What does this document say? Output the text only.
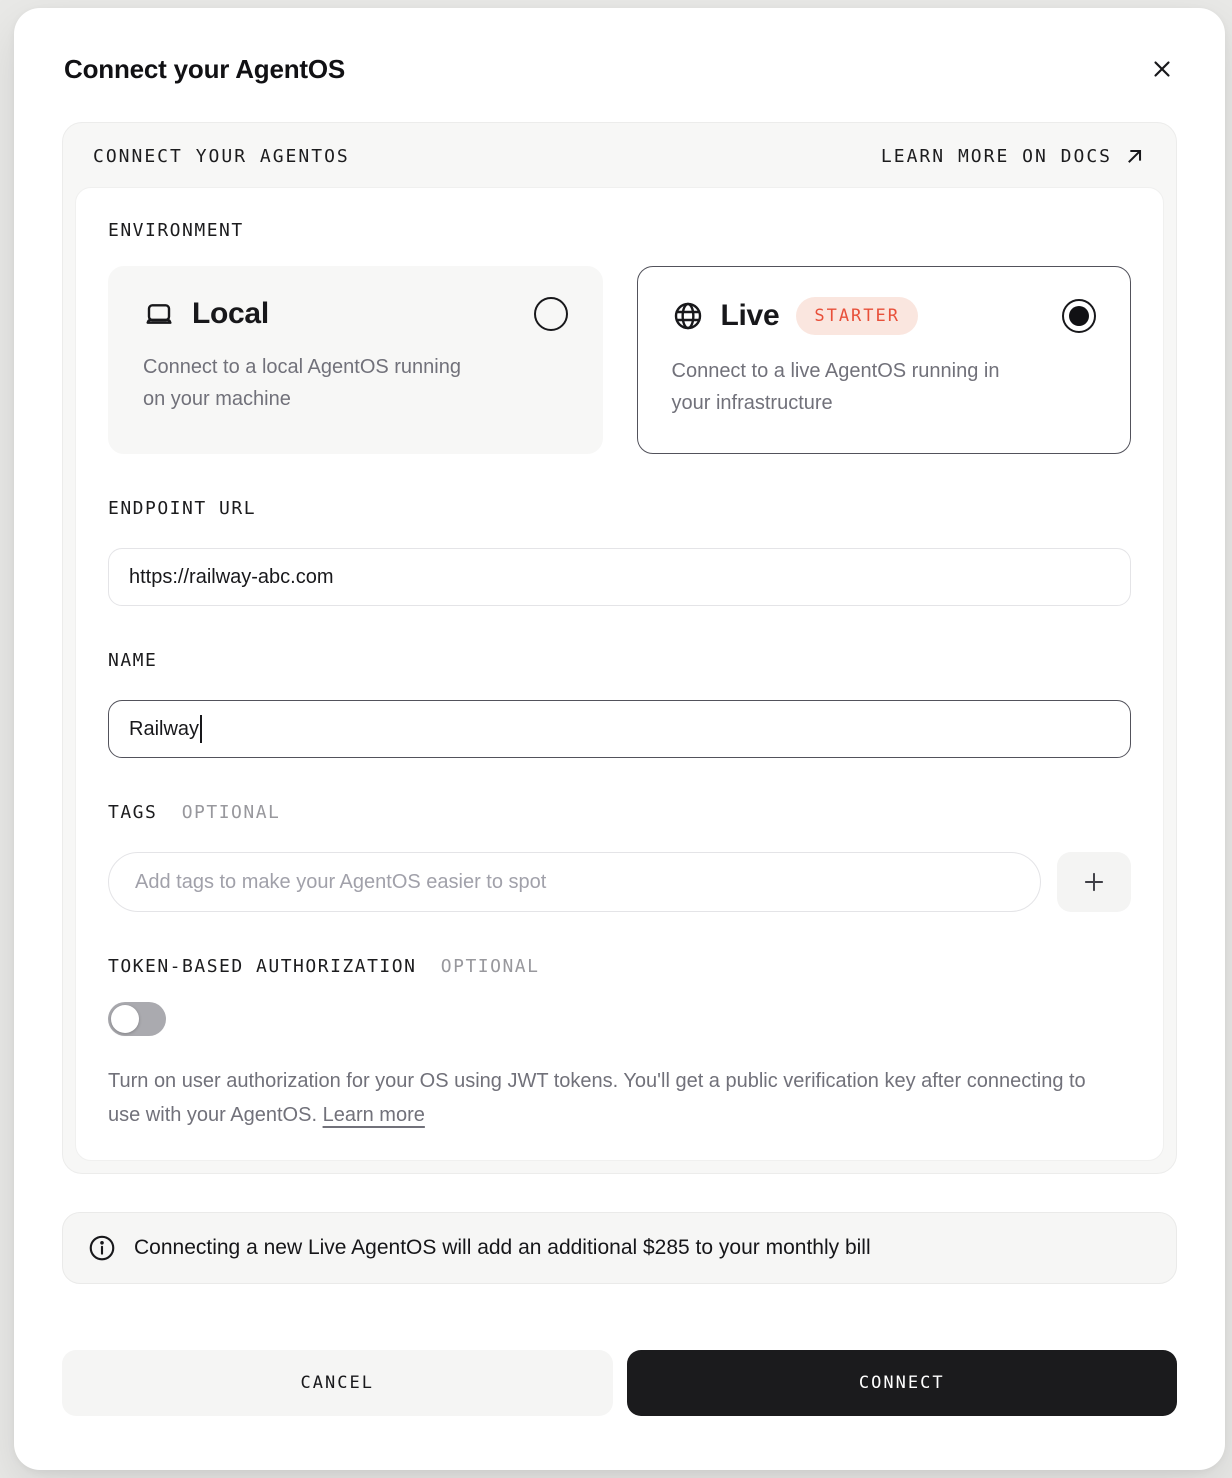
Connect your AgentOS
CONNECT YOUR AGENTOS	LEARN MORE ON DOCS
ENVIRONMENT
Local

Connect to a local AgentOS running on your machine

Live	STARTER

Connect to a live AgentOS running in your infrastructure

ENDPOINT URL
https://railway-abc.com
NAME
Railway
TAGS OPTIONAL
Add tags to make your AgentOS easier to spot
TOKEN-BASED AUTHORIZATION OPTIONAL

Turn on user authorization for your OS using JWT tokens. You'll get a public verification key after connecting to use with your AgentOS. Learn more

Connecting a new Live AgentOS will add an additional $285 to your monthly bill
CANCEL	CONNECT
